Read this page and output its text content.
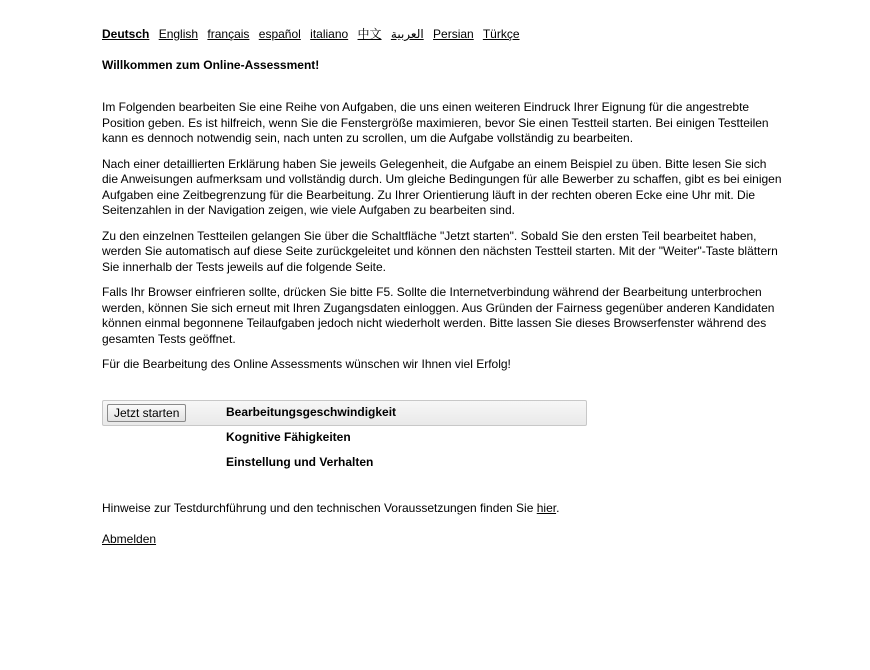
Deutsch English français español italiano 中文 العربية Persian Türkçe
Willkommen zum Online-Assessment!

Im Folgenden bearbeiten Sie eine Reihe von Aufgaben, die uns einen weiteren Eindruck Ihrer Eignung für die angestrebte Position geben. Es ist hilfreich, wenn Sie die Fenstergröße maximieren, bevor Sie einen Testteil starten. Bei einigen Testteilen kann es dennoch notwendig sein, nach unten zu scrollen, um die Aufgabe vollständig zu bearbeiten.

Nach einer detaillierten Erklärung haben Sie jeweils Gelegenheit, die Aufgabe an einem Beispiel zu üben. Bitte lesen Sie sich die Anweisungen aufmerksam und vollständig durch. Um gleiche Bedingungen für alle Bewerber zu schaffen, gibt es bei einigen Aufgaben eine Zeitbegrenzung für die Bearbeitung. Zu Ihrer Orientierung läuft in der rechten oberen Ecke eine Uhr mit. Die Seitenzahlen in der Navigation zeigen, wie viele Aufgaben zu bearbeiten sind.

Zu den einzelnen Testteilen gelangen Sie über die Schaltfläche "Jetzt starten". Sobald Sie den ersten Teil bearbeitet haben, werden Sie automatisch auf diese Seite zurückgeleitet und können den nächsten Testteil starten. Mit der "Weiter"-Taste blättern Sie innerhalb der Tests jeweils auf die folgende Seite.

Falls Ihr Browser einfrieren sollte, drücken Sie bitte F5. Sollte die Internetverbindung während der Bearbeitung unterbrochen werden, können Sie sich erneut mit Ihren Zugangsdaten einloggen. Aus Gründen der Fairness gegenüber anderen Kandidaten können einmal begonnene Teilaufgaben jedoch nicht wiederholt werden. Bitte lassen Sie dieses Browserfenster während des gesamten Tests geöffnet.

Für die Bearbeitung des Online Assessments wünschen wir Ihnen viel Erfolg!

Jetzt starten	Bearbeitungsgeschwindigkeit
Kognitive Fähigkeiten
Einstellung und Verhalten
Hinweise zur Testdurchführung und den technischen Voraussetzungen finden Sie hier.
Abmelden
